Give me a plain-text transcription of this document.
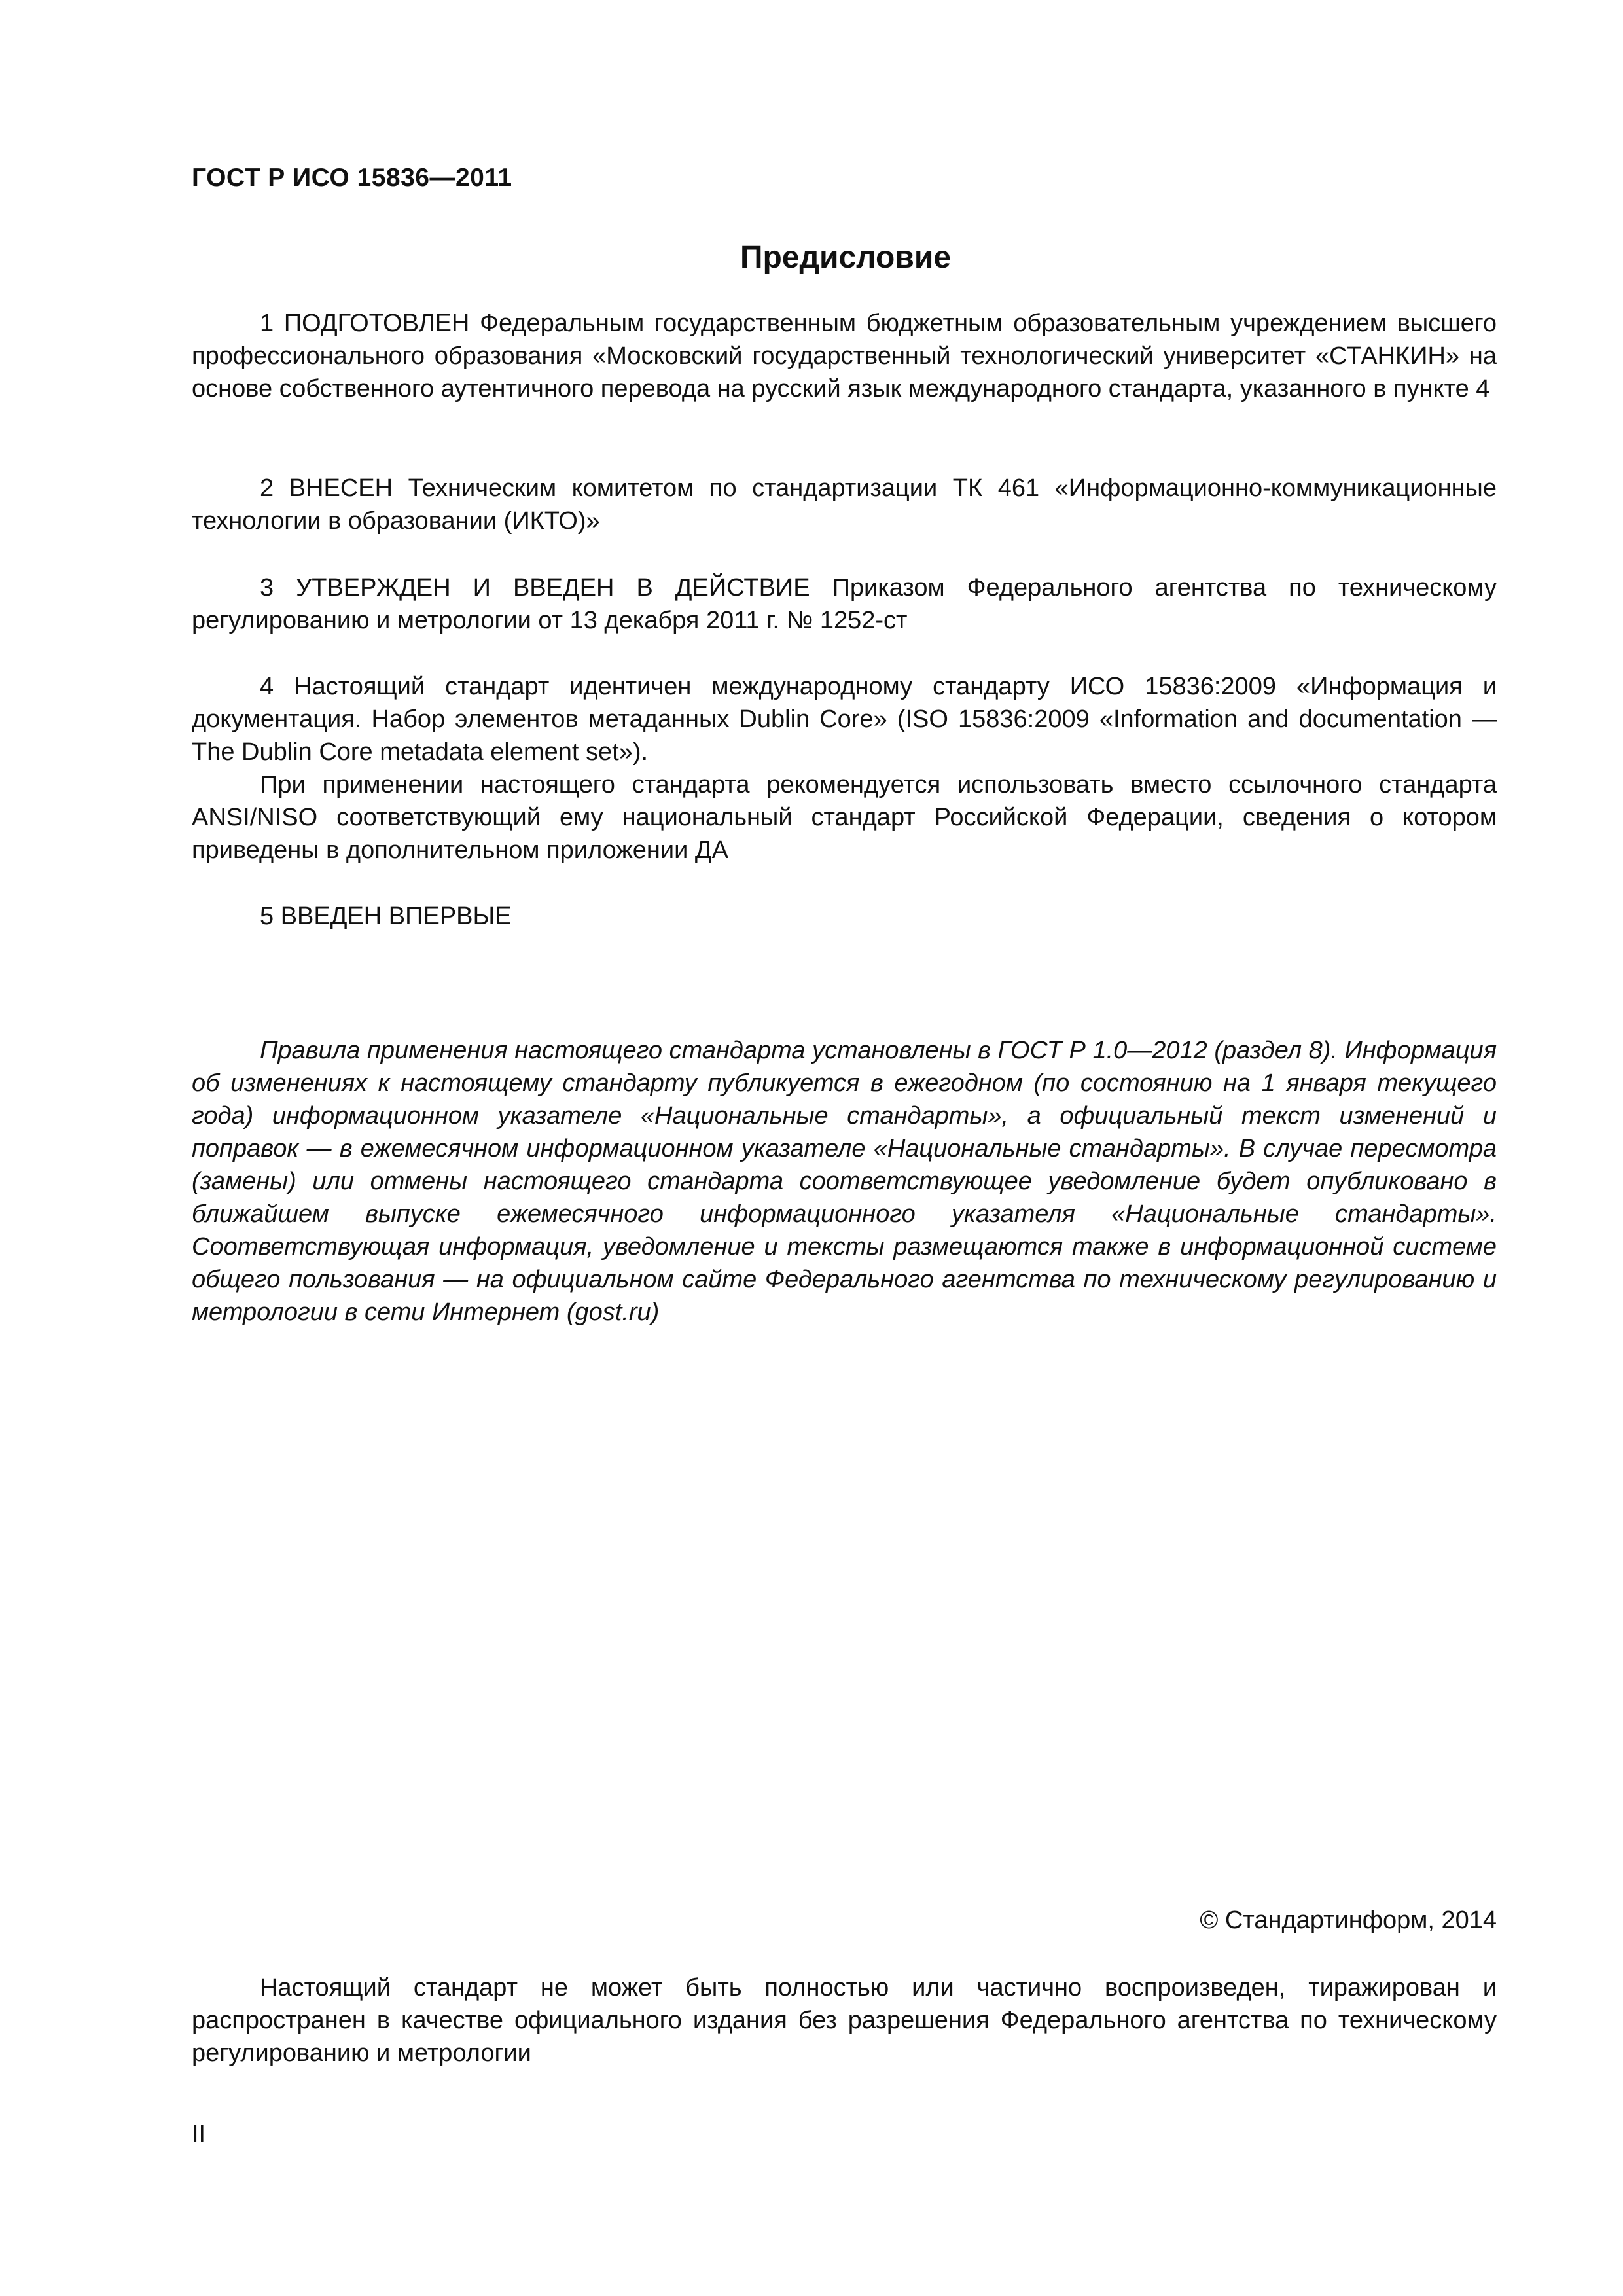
ГОСТ Р ИСО 15836—2011
Предисловие

1 ПОДГОТОВЛЕН Федеральным государственным бюджетным образовательным учреждением высшего профессионального образования «Московский государственный технологический университет «СТАНКИН» на основе собственного аутентичного перевода на русский язык международного стандарта, указанного в пункте 4

2 ВНЕСЕН Техническим комитетом по стандартизации ТК 461 «Информационно-коммуникационные технологии в образовании (ИКТО)»

3 УТВЕРЖДЕН И ВВЕДЕН В ДЕЙСТВИЕ Приказом Федерального агентства по техническому регулированию и метрологии от 13 декабря 2011 г. № 1252-ст

4 Настоящий стандарт идентичен международному стандарту ИСО 15836:2009 «Информация и документация. Набор элементов метаданных Dublin Core» (ISO 15836:2009 «Information and documentation — The Dublin Core metadata element set»).

При применении настоящего стандарта рекомендуется использовать вместо ссылочного стандарта ANSI/NISO соответствующий ему национальный стандарт Российской Федерации, сведения о котором приведены в дополнительном приложении ДА

5 ВВЕДЕН ВПЕРВЫЕ

Правила применения настоящего стандарта установлены в ГОСТ Р 1.0—2012 (раздел 8). Информация об изменениях к настоящему стандарту публикуется в ежегодном (по состоянию на 1 января текущего года) информационном указателе «Национальные стандарты», а официальный текст изменений и поправок — в ежемесячном информационном указателе «Национальные стандарты». В случае пересмотра (замены) или отмены настоящего стандарта соответствующее уведомление будет опубликовано в ближайшем выпуске ежемесячного информационного указателя «Национальные стандарты». Соответствующая информация, уведомление и тексты размещаются также в информационной системе общего пользования — на официальном сайте Федерального агентства по техническому регулированию и метрологии в сети Интернет (gost.ru)

© Стандартинформ, 2014

Настоящий стандарт не может быть полностью или частично воспроизведен, тиражирован и распространен в качестве официального издания без разрешения Федерального агентства по техническому регулированию и метрологии

II
